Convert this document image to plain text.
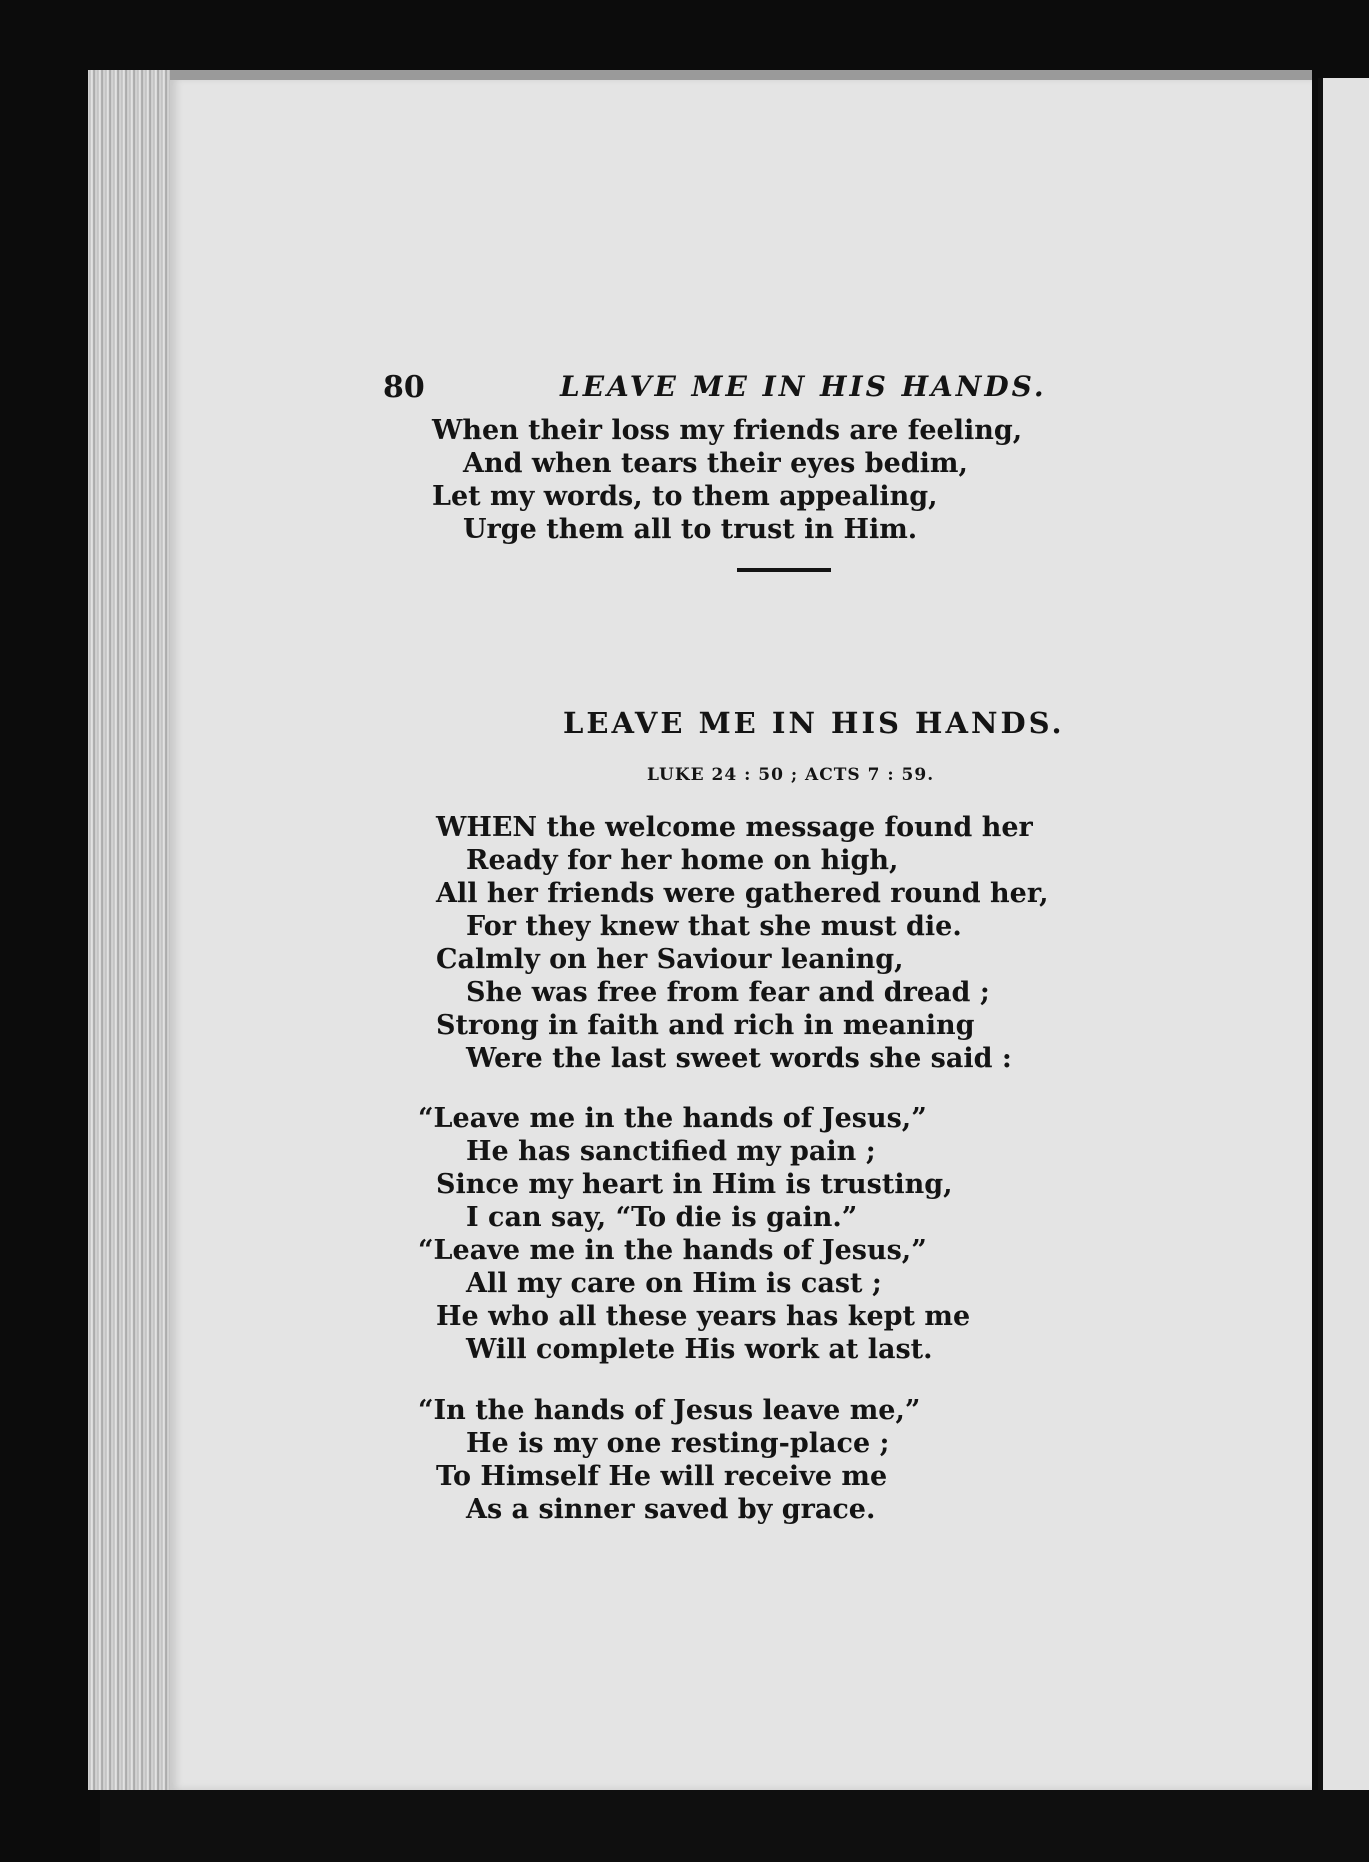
80	LEAVE ME IN HIS HANDS.
When their loss my friends are feeling,
And when tears their eyes bedim,
Let my words, to them appealing,
Urge them all to trust in Him.
LEAVE ME IN HIS HANDS.
LUKE 24 : 50 ; ACTS 7 : 59.
WHEN the welcome message found her
Ready for her home on high,
All her friends were gathered round her,
For they knew that she must die.
Calmly on her Saviour leaning,
She was free from fear and dread ;
Strong in faith and rich in meaning
Were the last sweet words she said :
“Leave me in the hands of Jesus,”
He has sanctified my pain ;
Since my heart in Him is trusting,
I can say, “To die is gain.”
“Leave me in the hands of Jesus,”
All my care on Him is cast ;
He who all these years has kept me
Will complete His work at last.
“In the hands of Jesus leave me,”
He is my one resting-place ;
To Himself He will receive me
As a sinner saved by grace.
